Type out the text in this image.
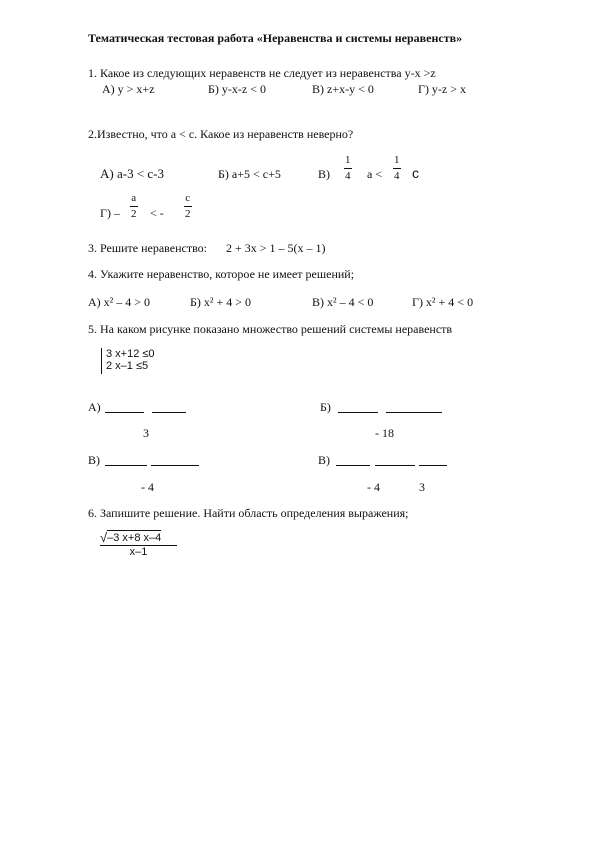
Тематическая тестовая работа «Неравенства и системы неравенств»
1. Какое из следующих неравенств не следует из неравенства y-x >z
А) y > x+z	Б) y-x-z < 0	В) z+x-y < 0	Г) y-z > x
2.Известно, что a < c. Какое из неравенств неверно?
А) a-3 < c-3	Б) a+5 < c+5	$В) \frac{1}{4}$ $a < \frac{1}{4}$ c
$Г) - \frac{a}{2}$ < - $\frac{c}{2}$
3. Решите неравенство: 2 + 3x > 1 – 5(x – 1)
4. Укажите неравенство, которое не имеет решений;
А) x² – 4 > 0	Б) x² + 4 > 0	В) x² – 4 < 0	Г) x² + 4 < 0
5. На каком рисунке показано множество решений системы неравенств
3 x+12 ≤0
2 x–1 ≤5
А)
3
Б)
- 18
В)
- 4
В)
- 4	3
6. Запишите решение. Найти область определения выражения;
√ –3 x+8 x–4
x–1
